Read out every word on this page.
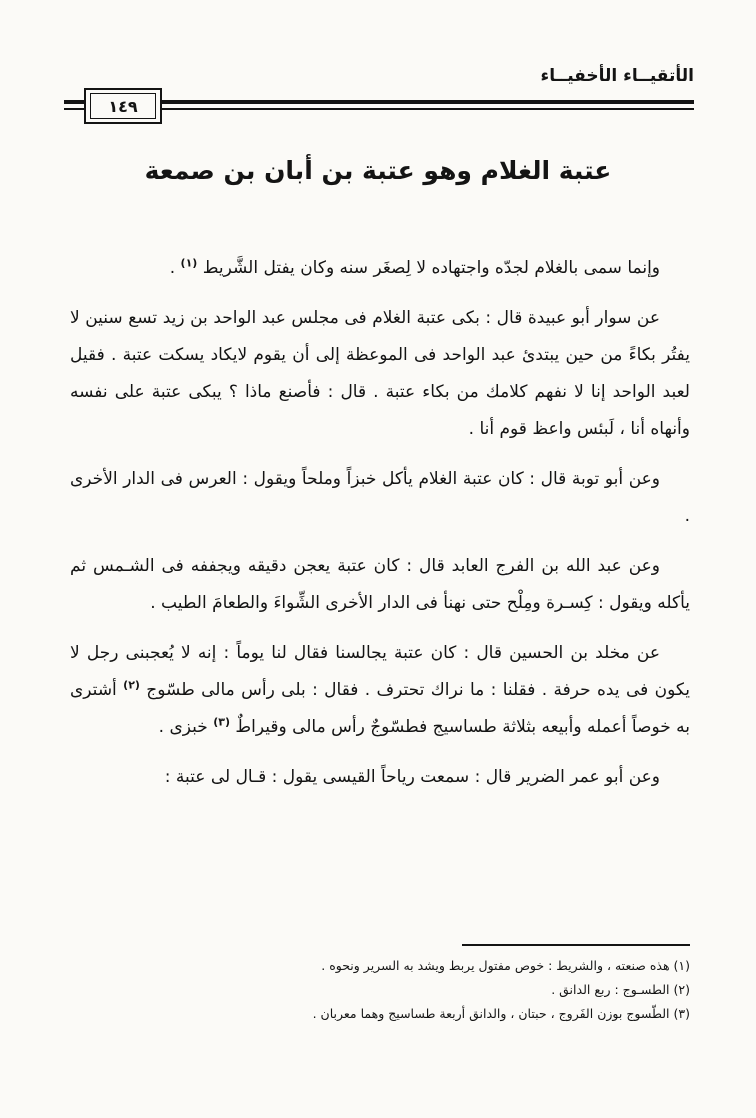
الأتقيــاء الأخفيــاء
١٤٩
عتبة الغلام وهو عتبة بن أبان بن صمعة

وإنما سمى بالغلام لجدّه واجتهاده لا لِصغَر سنه وكان يفتل الشَّريط $^{(١)}$ .

عن سوار أبو عبيدة قال : بكى عتبة الغلام فى مجلس عبد الواحد بن زيد تسع سنين لا يفتُر بكاءً من حين يبتدئ عبد الواحد فى الموعظة إلى أن يقوم لايكاد يسكت عتبة . فقيل لعبد الواحد إنا لا نفهم كلامك من بكاء عتبة . قال : فأصنع ماذا ؟ يبكى عتبة على نفسه وأنهاه أنا ، لَبئس واعظ قوم أنا .

وعن أبو توبة قال : كان عتبة الغلام يأكل خبزاً وملحاً ويقول : العرس فى الدار الأخرى .

وعن عبد الله بن الفرج العابد قال : كان عتبة يعجن دقيقه ويجففه فى الشـمس ثم يأكله ويقول : كِسـرة ومِلْح حتى نهنأ فى الدار الأخرى الشِّواءَ والطعامَ الطيب .

عن مخلد بن الحسين قال : كان عتبة يجالسنا فقال لنا يوماً : إنه لا يُعجبنى رجل لا يكون فى يده حرفة . فقلنا : ما نراك تحترف . فقال : بلى رأس مالى طسّوج $^{(٢)}$ أشترى به خوصاً أعمله وأبيعه بثلاثة طساسيج فطسّوجٌ رأس مالى وقيراطٌ $^{(٣)}$ خبزى .

وعن أبو عمر الضرير قال : سمعت رياحاً القيسى يقول : قـال لى عتبة :

(١) هذه صنعته ، والشريط : خوص مفتول يربط ويشد به السرير ونحوه .
(٢) الطسـوج : ربع الدانق .
(٣) الطّسوج بوزن الفَروج ، حبتان ، والدانق أربعة طساسيج وهما معربان .
